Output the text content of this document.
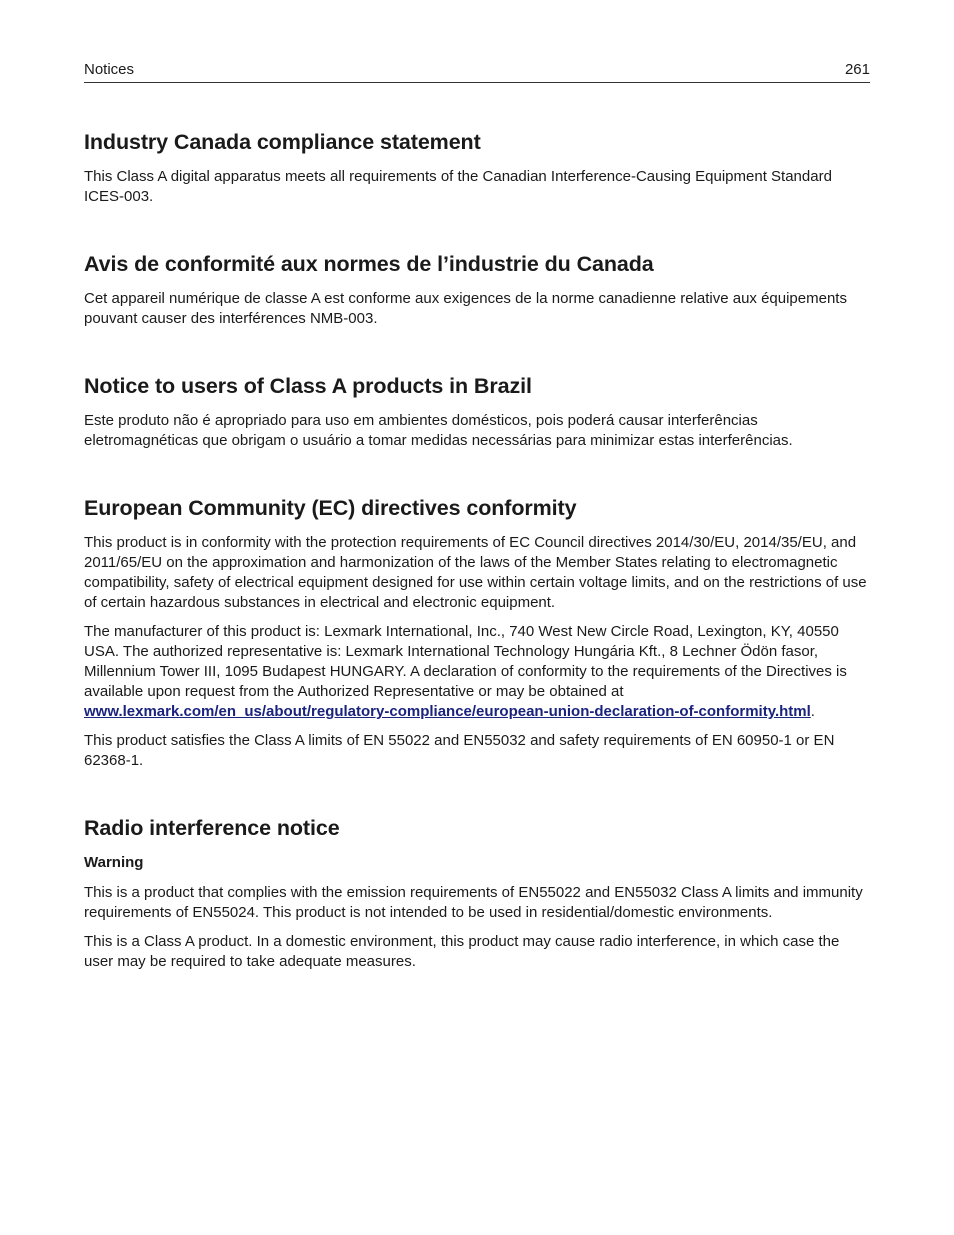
Notices	261
Industry Canada compliance statement

This Class A digital apparatus meets all requirements of the Canadian Interference-Causing Equipment Standard ICES-003.

Avis de conformité aux normes de l’industrie du Canada

Cet appareil numérique de classe A est conforme aux exigences de la norme canadienne relative aux équipements pouvant causer des interférences NMB-003.

Notice to users of Class A products in Brazil

Este produto não é apropriado para uso em ambientes domésticos, pois poderá causar interferências eletromagnéticas que obrigam o usuário a tomar medidas necessárias para minimizar estas interferências.

European Community (EC) directives conformity

This product is in conformity with the protection requirements of EC Council directives 2014/30/EU, 2014/35/EU, and 2011/65/EU on the approximation and harmonization of the laws of the Member States relating to electromagnetic compatibility, safety of electrical equipment designed for use within certain voltage limits, and on the restrictions of use of certain hazardous substances in electrical and electronic equipment.

The manufacturer of this product is: Lexmark International, Inc., 740 West New Circle Road, Lexington, KY, 40550 USA. The authorized representative is: Lexmark International Technology Hungária Kft., 8 Lechner Ödön fasor, Millennium Tower III, 1095 Budapest HUNGARY. A declaration of conformity to the requirements of the Directives is available upon request from the Authorized Representative or may be obtained at
www.lexmark.com/en_us/about/regulatory-compliance/european-union-declaration-of-conformity.html.

This product satisfies the Class A limits of EN 55022 and EN55032 and safety requirements of EN 60950-1 or EN 62368-1.

Radio interference notice
Warning

This is a product that complies with the emission requirements of EN55022 and EN55032 Class A limits and immunity requirements of EN55024. This product is not intended to be used in residential/domestic environments.

This is a Class A product. In a domestic environment, this product may cause radio interference, in which case the user may be required to take adequate measures.
